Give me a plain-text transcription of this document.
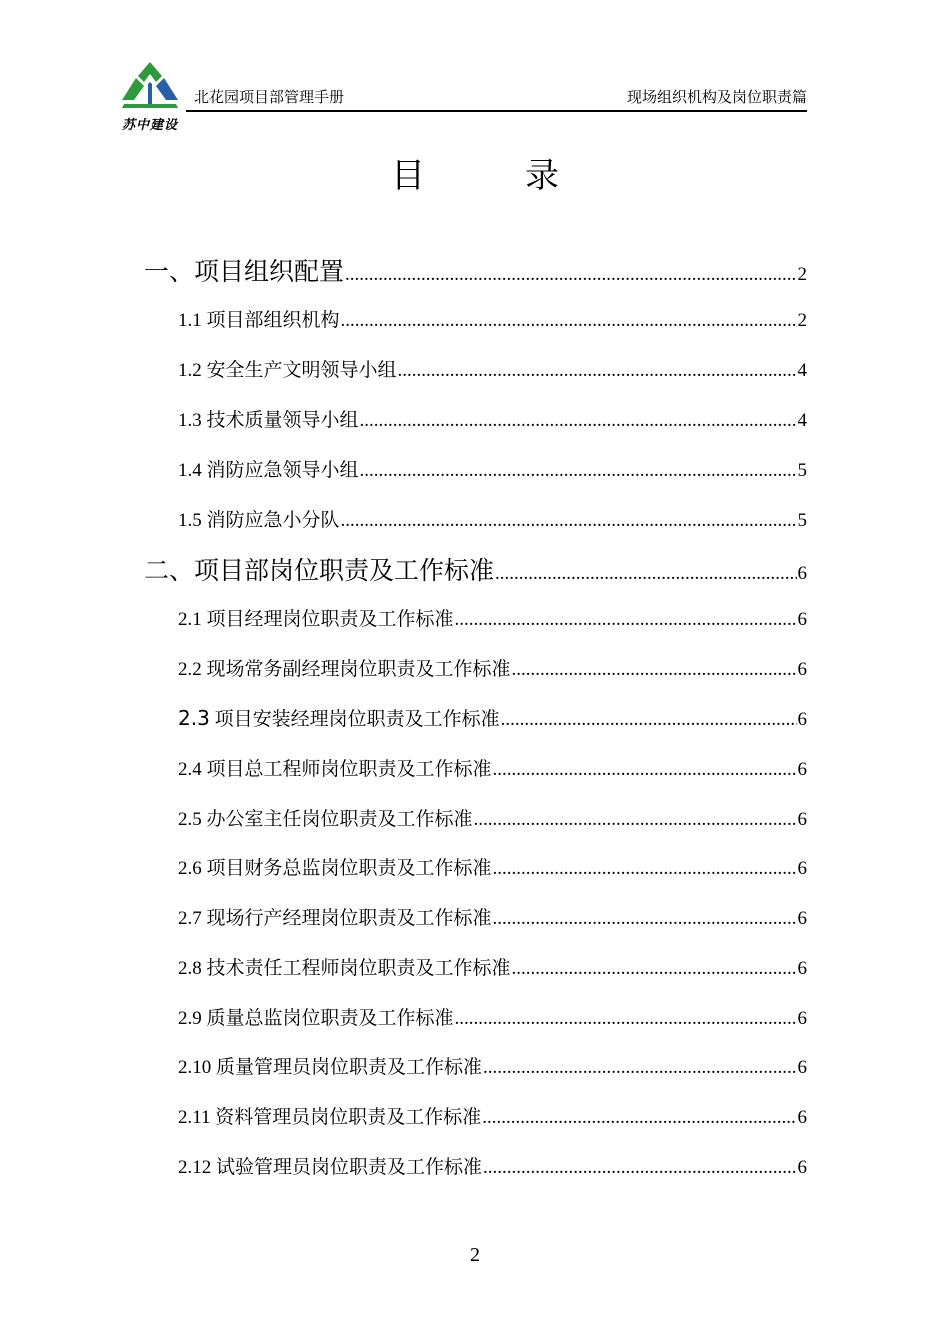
苏中建设
北花园项目部管理手册	现场组织机构及岗位职责篇
目录
一、项目组织配置 .....	2
1.1 项目部组织机构 .....	2
1.2 安全生产文明领导小组 .....	4
1.3 技术质量领导小组 .....	4
1.4 消防应急领导小组 .....	5
1.5 消防应急小分队 .....	5
二、项目部岗位职责及工作标准 .....	6
2.1 项目经理岗位职责及工作标准 .....	6
2.2 现场常务副经理岗位职责及工作标准 .....	6
2.3 项目安装经理岗位职责及工作标准 .....	6
2.4 项目总工程师岗位职责及工作标准 .....	6
2.5 办公室主任岗位职责及工作标准 .....	6
2.6 项目财务总监岗位职责及工作标准 .....	6
2.7 现场行产经理岗位职责及工作标准 .....	6
2.8 技术责任工程师岗位职责及工作标准 .....	6
2.9 质量总监岗位职责及工作标准 .....	6
2.10 质量管理员岗位职责及工作标准 .....	6
2.11 资料管理员岗位职责及工作标准 .....	6
2.12 试验管理员岗位职责及工作标准 .....	6
2
